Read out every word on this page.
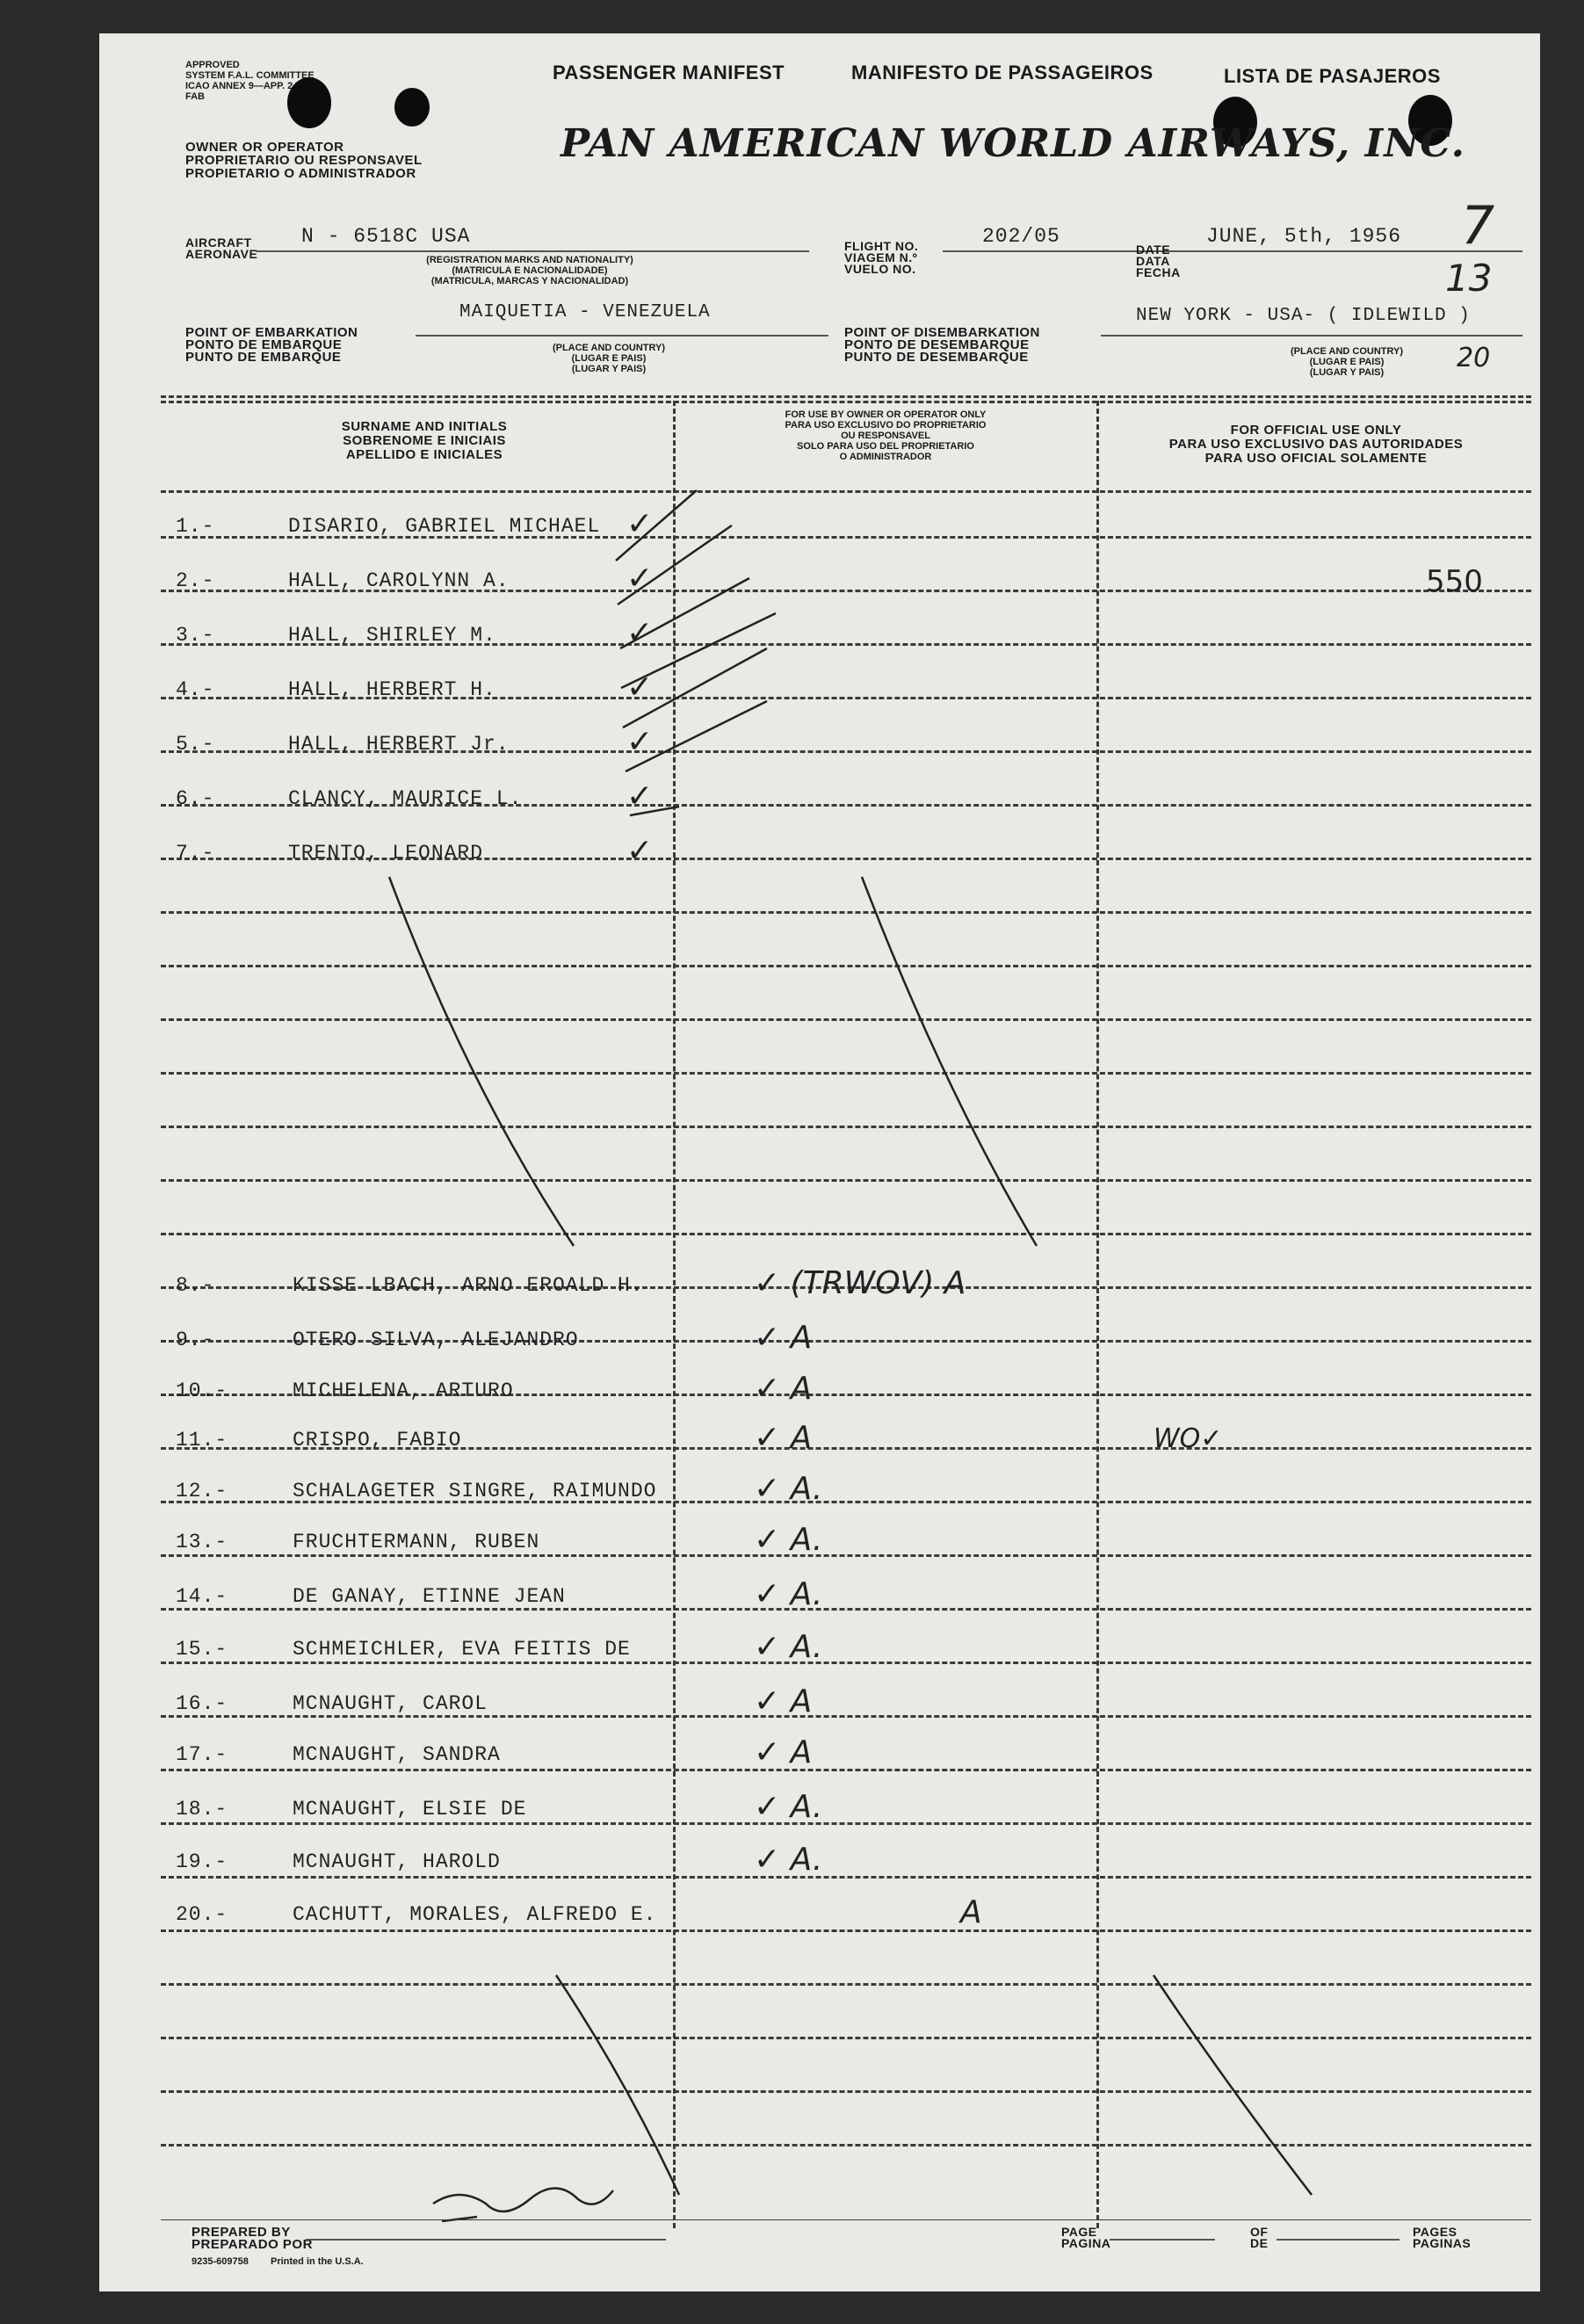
APPROVED
SYSTEM F.A.L. COMMITTEE
ICAO ANNEX 9—APP. 2
FAB
PASSENGER MANIFEST	MANIFESTO DE PASSAGEIROS	LISTA DE PASAJEROS
OWNER OR OPERATOR
PROPRIETARIO OU RESPONSAVEL
PROPIETARIO O ADMINISTRADOR
PAN AMERICAN WORLD AIRWAYS, INC.
AIRCRAFT
AERONAVE
N - 6518C USA
(REGISTRATION MARKS AND NATIONALITY)
(MATRICULA E NACIONALIDADE)
(MATRICULA, MARCAS Y NACIONALIDAD)
FLIGHT NO.
VIAGEM N.º
VUELO NO.
202/05
DATE
DATA
FECHA
JUNE, 5th, 1956 7
13
MAIQUETIA - VENEZUELA
POINT OF EMBARKATION
PONTO DE EMBARQUE
PUNTO DE EMBARQUE
(PLACE AND COUNTRY)
(LUGAR E PAIS)
(LUGAR Y PAIS)
POINT OF DISEMBARKATION
PONTO DE DESEMBARQUE
PUNTO DE DESEMBARQUE
NEW YORK - USA- ( IDLEWILD )
(PLACE AND COUNTRY)
(LUGAR E PAIS)
(LUGAR Y PAIS)	20
SURNAME AND INITIALS
SOBRENOME E INICIAIS
APELLIDO E INICIALES
FOR USE BY OWNER OR OPERATOR ONLY
PARA USO EXCLUSIVO DO PROPRIETARIO
OU RESPONSAVEL
SOLO PARA USO DEL PROPRIETARIO
O ADMINISTRADOR
FOR OFFICIAL USE ONLY
PARA USO EXCLUSIVO DAS AUTORIDADES
PARA USO OFICIAL SOLAMENTE
1.-	DISARIO, GABRIEL MICHAEL ✓
2.-	HALL, CAROLYNN A.	✓	550
3.-	HALL, SHIRLEY M.	✓
4.-	HALL, HERBERT H.	✓
5.-	HALL, HERBERT Jr.	✓
6.-	CLANCY, MAURICE L.	✓
7.-	TRENTO, LEONARD	✓
8.-	KISSE LBACH, ARNO EROALD H.	✓ (TRWOV) A
9.-	OTERO SILVA, ALEJANDRO	✓ A
10.-	MICHELENA, ARTURO	✓ A
11.-	CRISPO, FABIO	✓ A	WO✓
12.-	SCHALAGETER SINGRE, RAIMUNDO	✓ A.
13.-	FRUCHTERMANN, RUBEN	✓ A.
14.-	DE GANAY, ETINNE JEAN	✓ A.
15.-	SCHMEICHLER, EVA FEITIS DE	✓ A.
16.-	MCNAUGHT, CAROL	✓ A
17.-	MCNAUGHT, SANDRA	✓ A
18.-	MCNAUGHT, ELSIE DE	✓ A.
19.-	MCNAUGHT, HAROLD	✓ A.
20.-	CACHUTT, MORALES, ALFREDO E.	A
PREPARED BY
PREPARADO POR
9235-609758 Printed in the U.S.A.
PAGE
PAGINA
OF
DE
PAGES
PAGINAS
